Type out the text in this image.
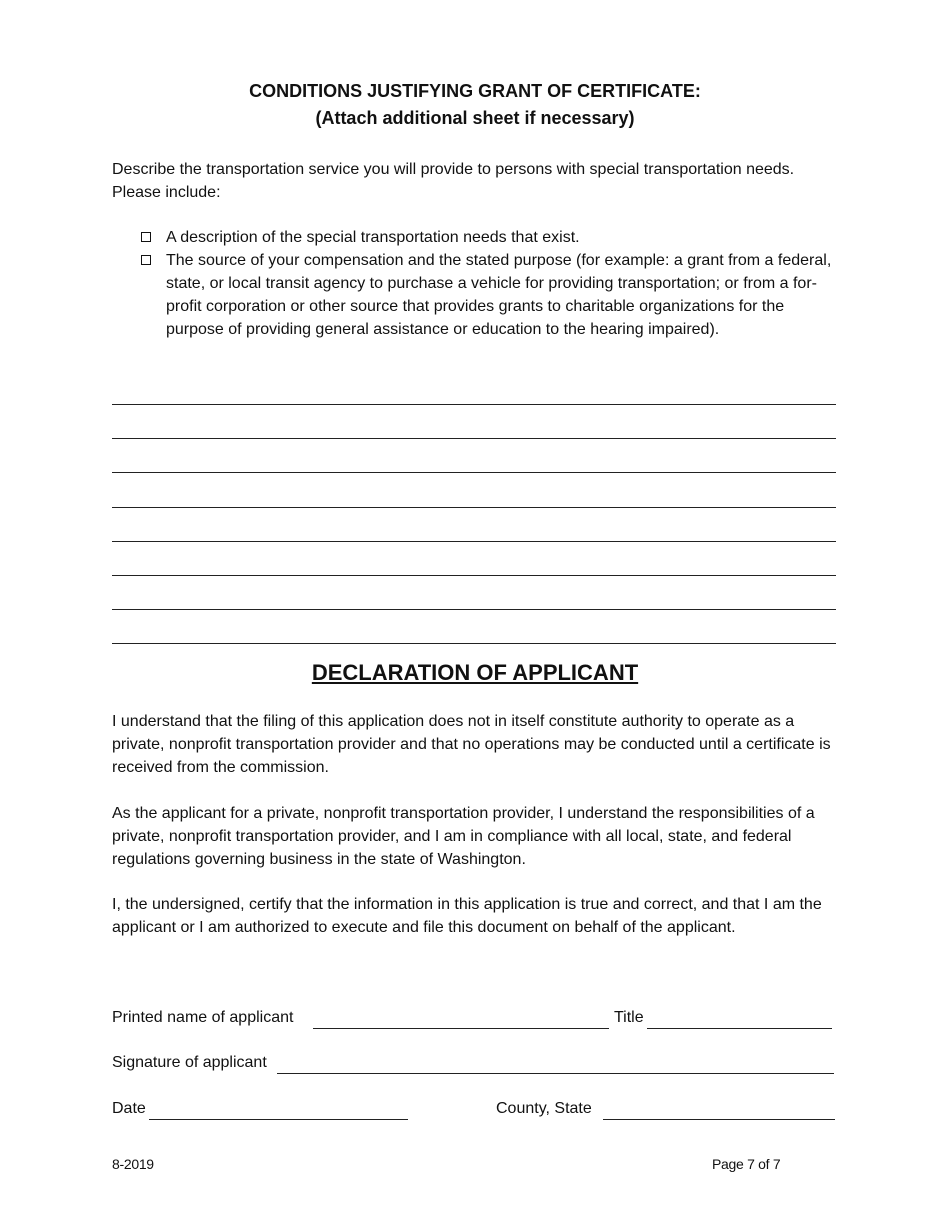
CONDITIONS JUSTIFYING GRANT OF CERTIFICATE:
(Attach additional sheet if necessary)
Describe the transportation service you will provide to persons with special transportation needs. Please include:
A description of the special transportation needs that exist.
The source of your compensation and the stated purpose (for example: a grant from a federal, state, or local transit agency to purchase a vehicle for providing transportation; or from a for-profit corporation or other source that provides grants to charitable organizations for the purpose of providing general assistance or education to the hearing impaired).
DECLARATION OF APPLICANT
I understand that the filing of this application does not in itself constitute authority to operate as a private, nonprofit transportation provider and that no operations may be conducted until a certificate is received from the commission.
As the applicant for a private, nonprofit transportation provider, I understand the responsibilities of a private, nonprofit transportation provider, and I am in compliance with all local, state, and federal regulations governing business in the state of Washington.
I, the undersigned, certify that the information in this application is true and correct, and that I am the applicant or I am authorized to execute and file this document on behalf of the applicant.
Printed name of applicant	Title
Signature of applicant
Date	County, State
8-2019	Page 7 of 7
